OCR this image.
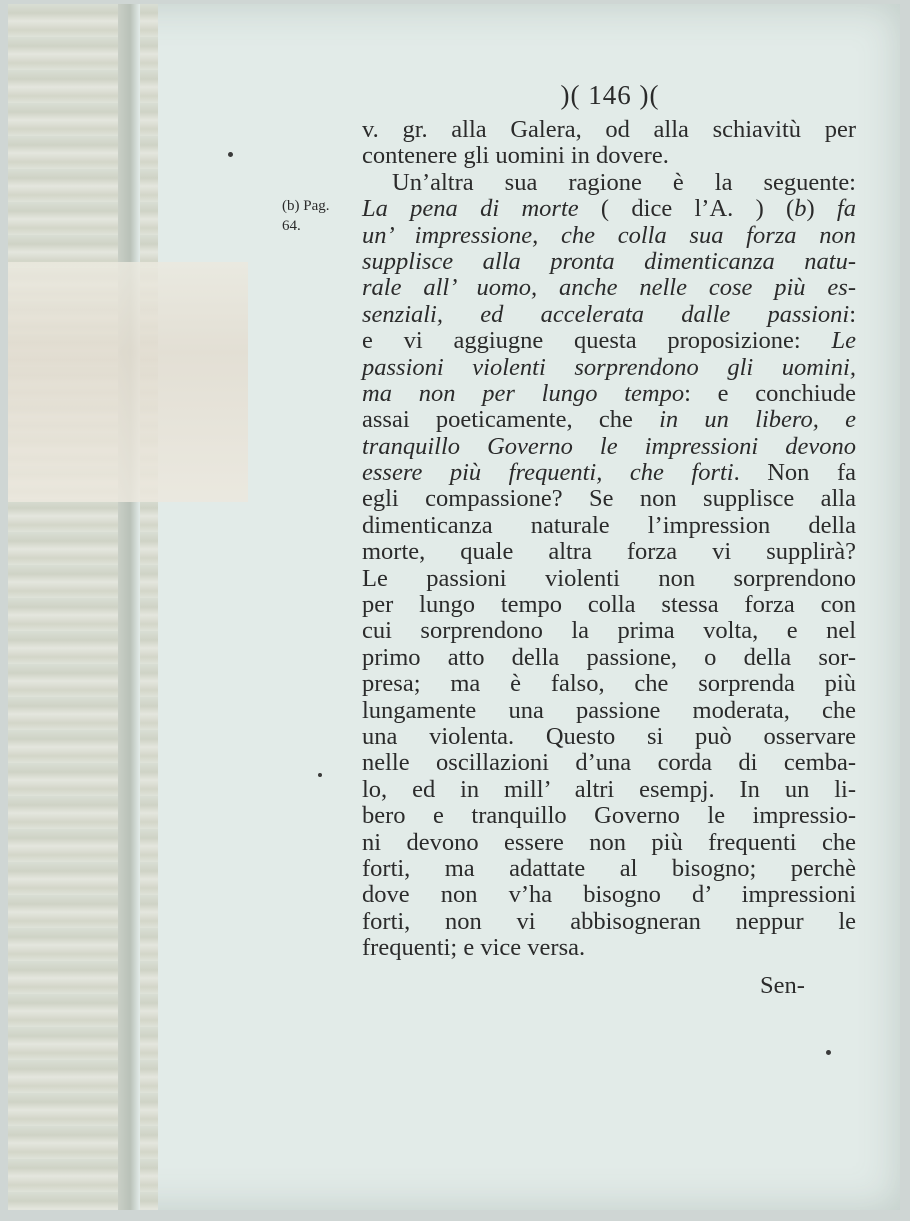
)( 146 )(
(b) Pag.
64.
v. gr. alla Galera, od alla schiavitù per
contenere gli uomini in dovere.
Un’altra sua ragione è la seguente:
La pena di morte ( dice l’A. ) (b) fa
un’ impressione, che colla sua forza non
supplisce alla pronta dimenticanza natu-
rale all’ uomo, anche nelle cose più es-
senziali, ed accelerata dalle passioni:
e vi aggiugne questa proposizione: Le
passioni violenti sorprendono gli uomini,
ma non per lungo tempo: e conchiude
assai poeticamente, che in un libero, e
tranquillo Governo le impressioni devono
essere più frequenti, che forti. Non fa
egli compassione? Se non supplisce alla
dimenticanza naturale l’impression della
morte, quale altra forza vi supplirà?
Le passioni violenti non sorprendono
per lungo tempo colla stessa forza con
cui sorprendono la prima volta, e nel
primo atto della passione, o della sor-
presa; ma è falso, che sorprenda più
lungamente una passione moderata, che
una violenta. Questo si può osservare
nelle oscillazioni d’una corda di cemba-
lo, ed in mill’ altri esempj. In un li-
bero e tranquillo Governo le impressio-
ni devono essere non più frequenti che
forti, ma adattate al bisogno; perchè
dove non v’ha bisogno d’ impressioni
forti, non vi abbisogneran neppur le
frequenti; e vice versa.
Sen-
